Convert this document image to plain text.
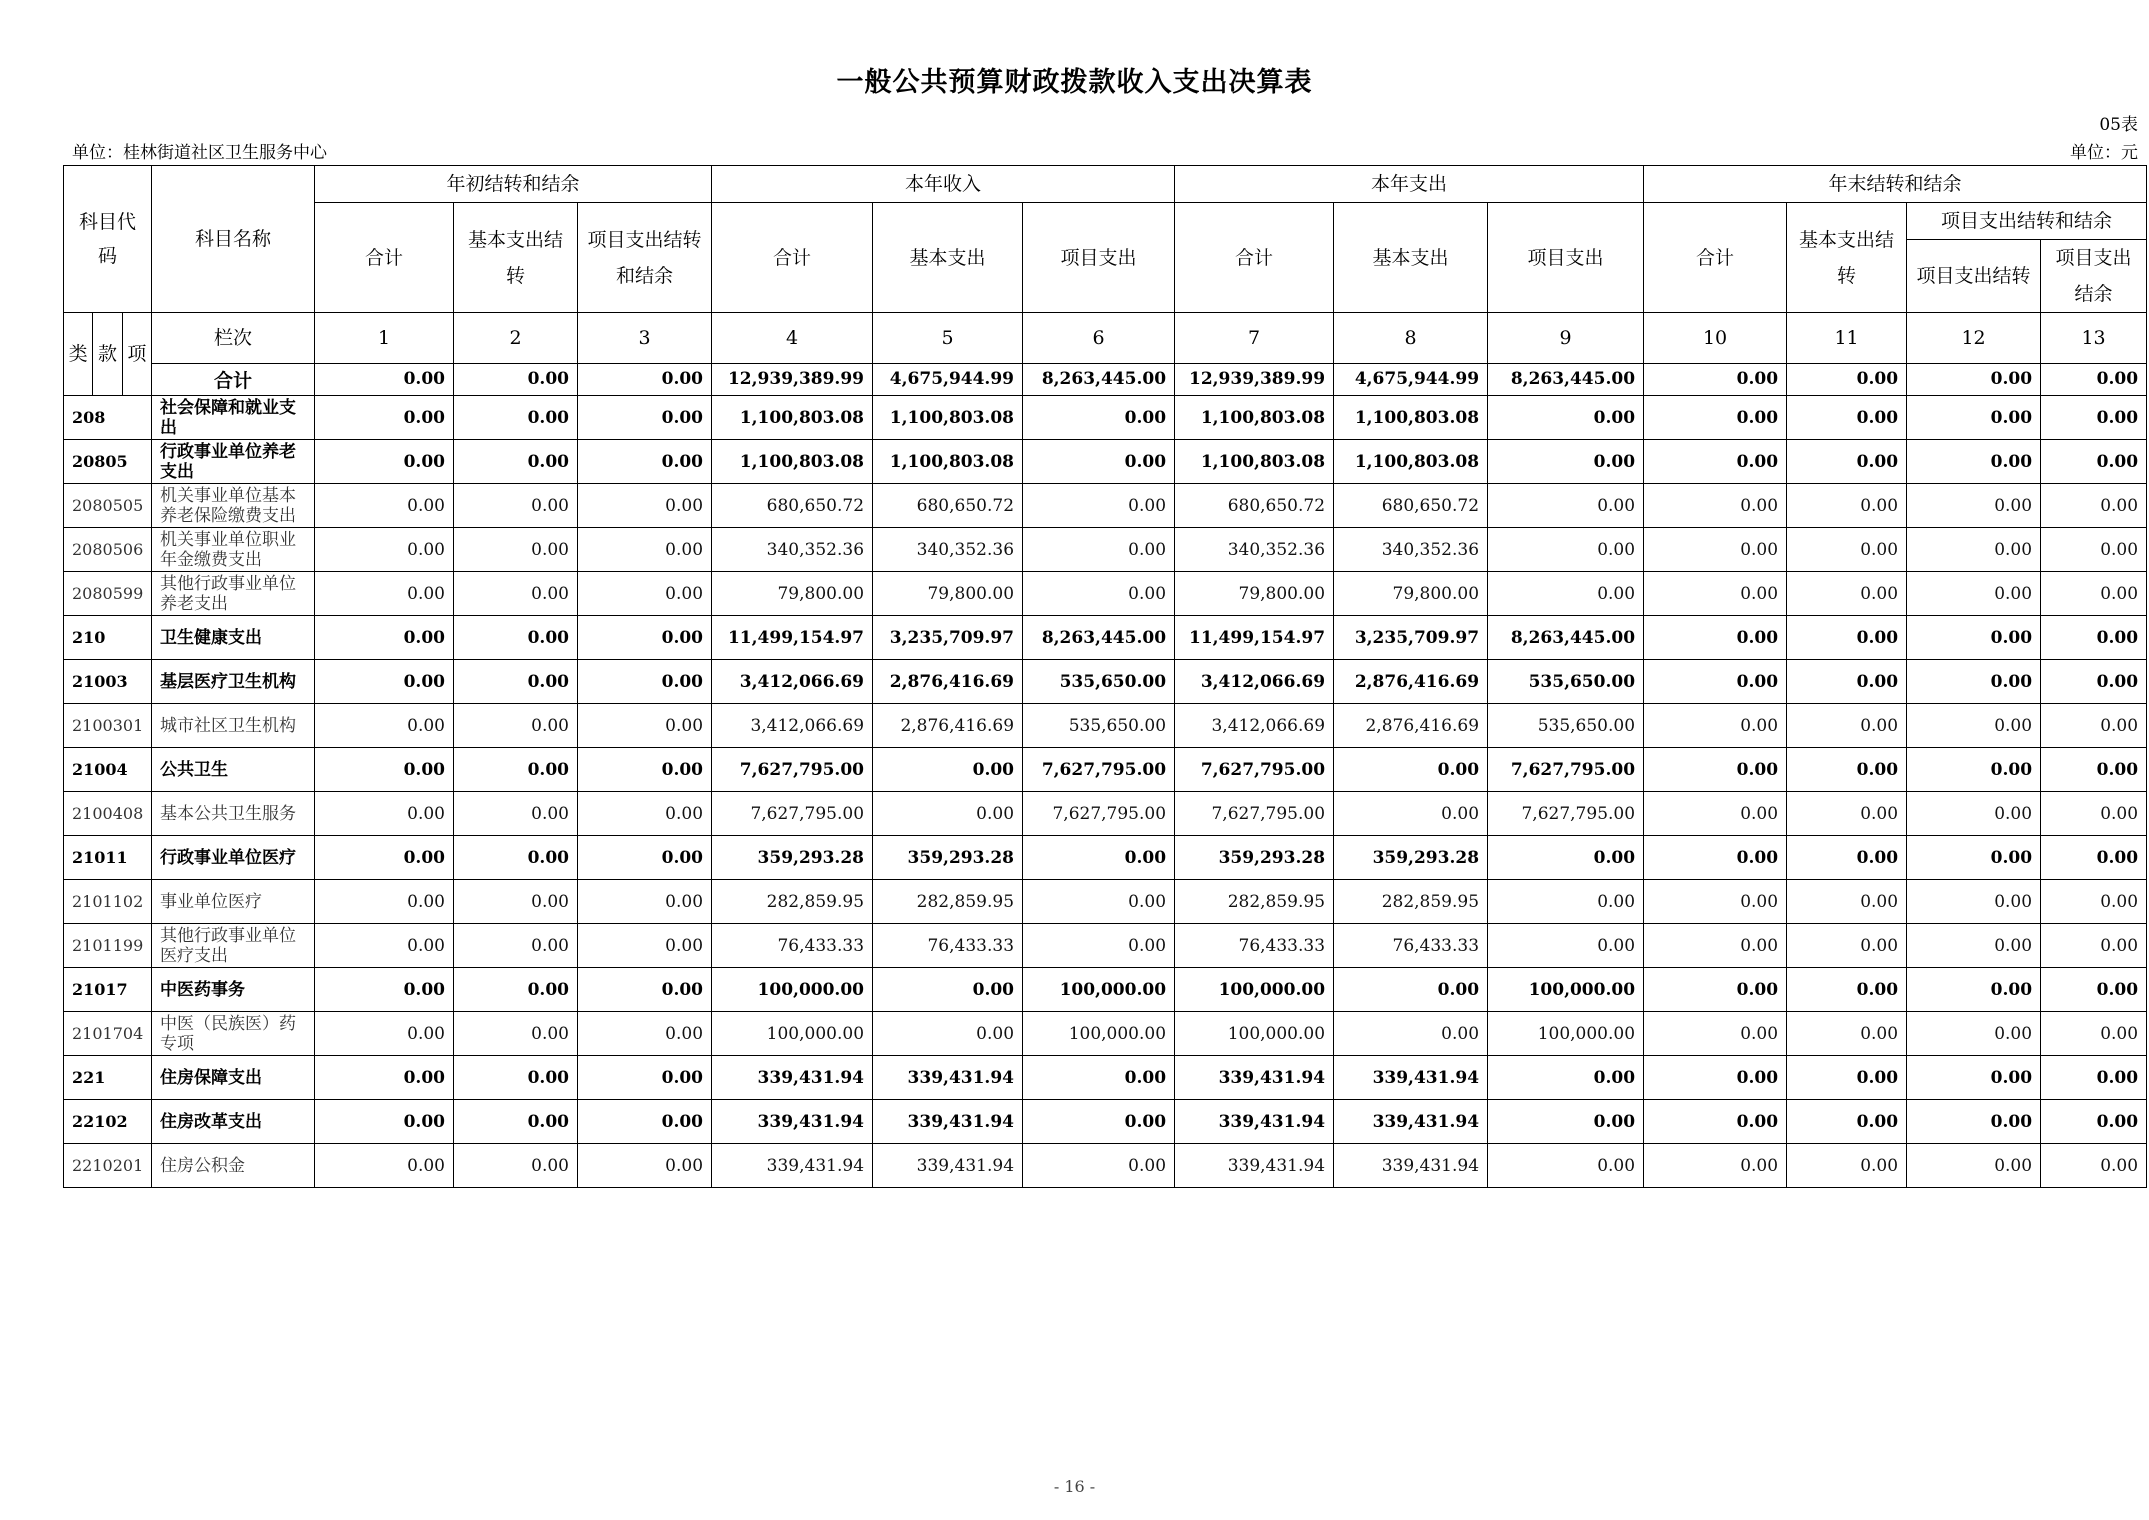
一般公共预算财政拨款收入支出决算表
05表
单位：桂林街道社区卫生服务中心	单位：元
科目代码	科目名称	年初结转和结余			本年收入			本年支出			年末结转和结余			
		合计	基本支出结转	项目支出结转和结余	合计	基本支出	项目支出	合计	基本支出	项目支出	合计	基本支出结转	项目支出结转和结余	
													项目支出结转	项目支出结余

类 款 项	栏次	1	2	3	4	5	6	7	8	9	10	11	12	13
	合计	0.00	0.00	0.00	12,939,389.99	4,675,944.99	8,263,445.00	12,939,389.99	4,675,944.99	8,263,445.00	0.00	0.00	0.00	0.00
208	社会保障和就业支出	0.00	0.00	0.00	1,100,803.08	1,100,803.08	0.00	1,100,803.08	1,100,803.08	0.00	0.00	0.00	0.00	0.00
20805	行政事业单位养老支出	0.00	0.00	0.00	1,100,803.08	1,100,803.08	0.00	1,100,803.08	1,100,803.08	0.00	0.00	0.00	0.00	0.00
2080505	机关事业单位基本养老保险缴费支出	0.00	0.00	0.00	680,650.72	680,650.72	0.00	680,650.72	680,650.72	0.00	0.00	0.00	0.00	0.00
2080506	机关事业单位职业年金缴费支出	0.00	0.00	0.00	340,352.36	340,352.36	0.00	340,352.36	340,352.36	0.00	0.00	0.00	0.00	0.00
2080599	其他行政事业单位养老支出	0.00	0.00	0.00	79,800.00	79,800.00	0.00	79,800.00	79,800.00	0.00	0.00	0.00	0.00	0.00
210	卫生健康支出	0.00	0.00	0.00	11,499,154.97	3,235,709.97	8,263,445.00	11,499,154.97	3,235,709.97	8,263,445.00	0.00	0.00	0.00	0.00
21003	基层医疗卫生机构	0.00	0.00	0.00	3,412,066.69	2,876,416.69	535,650.00	3,412,066.69	2,876,416.69	535,650.00	0.00	0.00	0.00	0.00
2100301	城市社区卫生机构	0.00	0.00	0.00	3,412,066.69	2,876,416.69	535,650.00	3,412,066.69	2,876,416.69	535,650.00	0.00	0.00	0.00	0.00
21004	公共卫生	0.00	0.00	0.00	7,627,795.00	0.00	7,627,795.00	7,627,795.00	0.00	7,627,795.00	0.00	0.00	0.00	0.00
2100408	基本公共卫生服务	0.00	0.00	0.00	7,627,795.00	0.00	7,627,795.00	7,627,795.00	0.00	7,627,795.00	0.00	0.00	0.00	0.00
21011	行政事业单位医疗	0.00	0.00	0.00	359,293.28	359,293.28	0.00	359,293.28	359,293.28	0.00	0.00	0.00	0.00	0.00
2101102	事业单位医疗	0.00	0.00	0.00	282,859.95	282,859.95	0.00	282,859.95	282,859.95	0.00	0.00	0.00	0.00	0.00
2101199	其他行政事业单位医疗支出	0.00	0.00	0.00	76,433.33	76,433.33	0.00	76,433.33	76,433.33	0.00	0.00	0.00	0.00	0.00
21017	中医药事务	0.00	0.00	0.00	100,000.00	0.00	100,000.00	100,000.00	0.00	100,000.00	0.00	0.00	0.00	0.00
2101704	中医（民族医）药专项	0.00	0.00	0.00	100,000.00	0.00	100,000.00	100,000.00	0.00	100,000.00	0.00	0.00	0.00	0.00
221	住房保障支出	0.00	0.00	0.00	339,431.94	339,431.94	0.00	339,431.94	339,431.94	0.00	0.00	0.00	0.00	0.00
22102	住房改革支出	0.00	0.00	0.00	339,431.94	339,431.94	0.00	339,431.94	339,431.94	0.00	0.00	0.00	0.00	0.00
2210201	住房公积金	0.00	0.00	0.00	339,431.94	339,431.94	0.00	339,431.94	339,431.94	0.00	0.00	0.00	0.00	0.00
- 16 -
